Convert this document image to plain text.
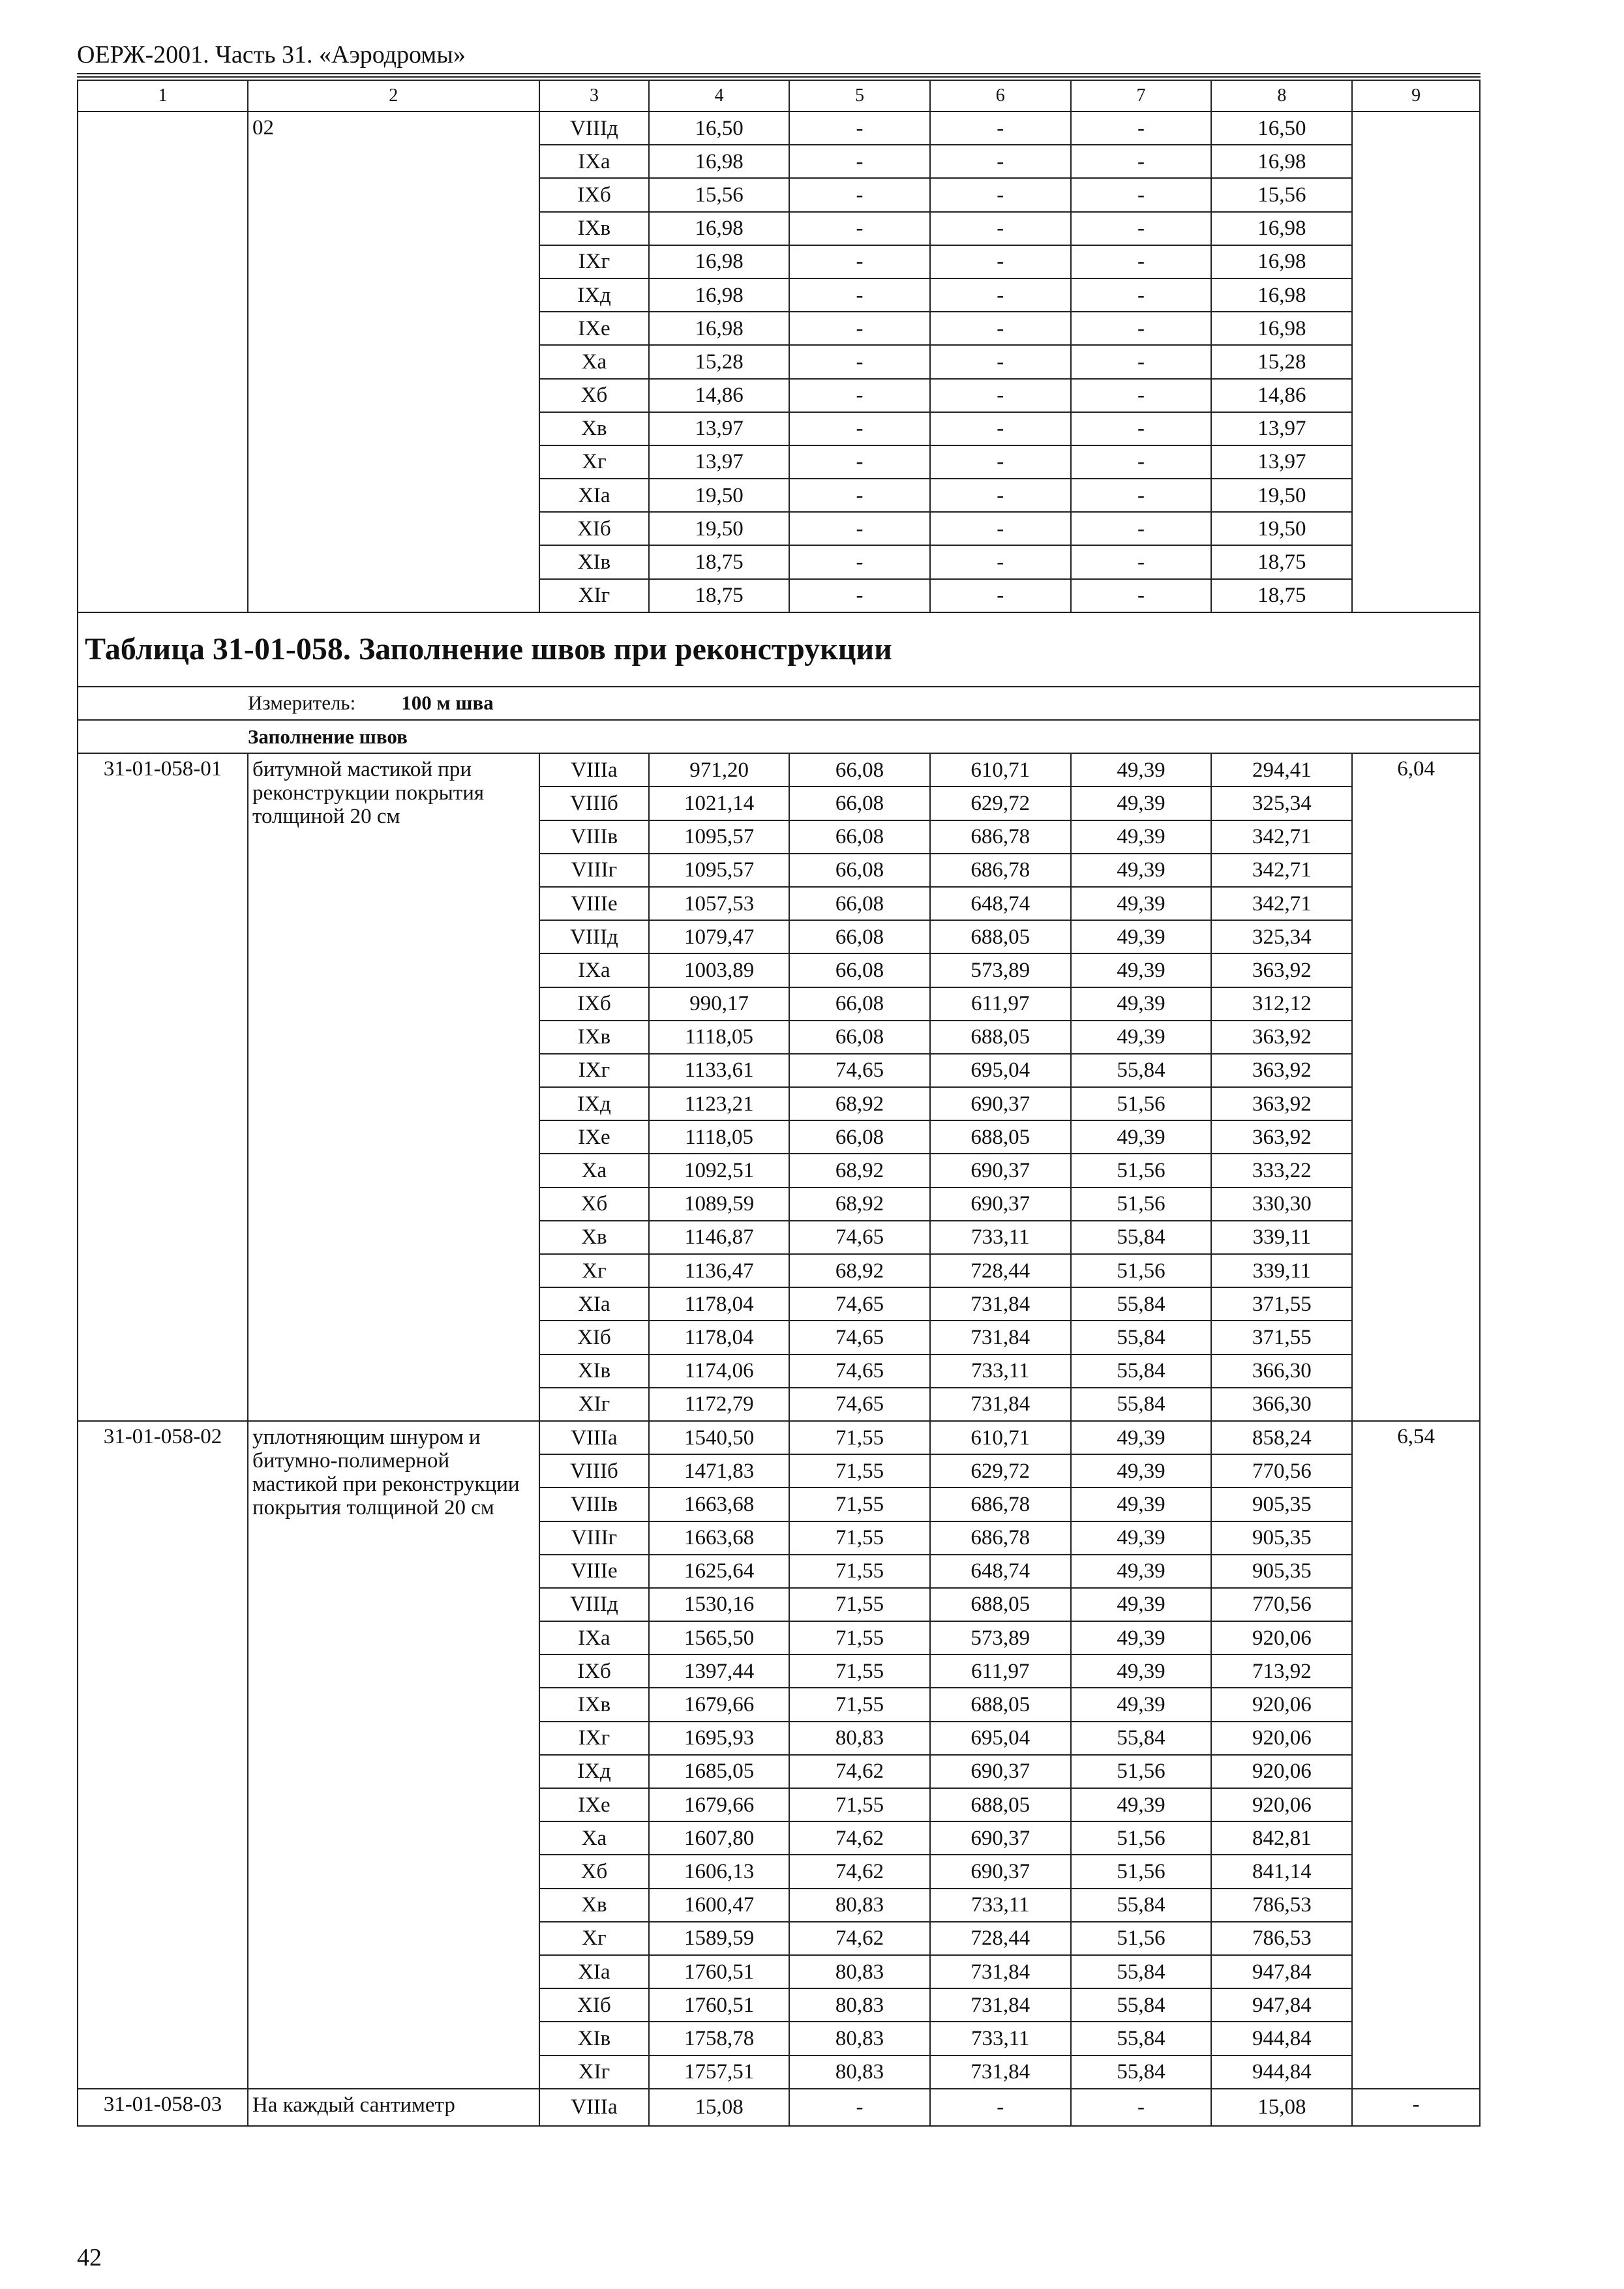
ОЕРЖ-2001. Часть 31. «Аэродромы»
1	2	3	4	5	6	7	8	9
	02	VIIIд	16,50	-	-	-	16,50	
		IXa	16,98	-	-	-	16,98	
		IXб	15,56	-	-	-	15,56	
		IXв	16,98	-	-	-	16,98	
		IXг	16,98	-	-	-	16,98	
		IXд	16,98	-	-	-	16,98	
		IXe	16,98	-	-	-	16,98	
		Xa	15,28	-	-	-	15,28	
		Xб	14,86	-	-	-	14,86	
		Xв	13,97	-	-	-	13,97	
		Xг	13,97	-	-	-	13,97	
		XIa	19,50	-	-	-	19,50	
		XIб	19,50	-	-	-	19,50	
		XIв	18,75	-	-	-	18,75	
		XIг	18,75	-	-	-	18,75	
Таблица 31-01-058. Заполнение швов при реконструкции								
Измеритель: 100 м шва								
Заполнение швов								
31-01-058-01	битумной мастикой при реконструкции покрытия толщиной 20 см	VIIIa	971,20	66,08	610,71	49,39	294,41	6,04
		VIIIб	1021,14	66,08	629,72	49,39	325,34	
		VIIIв	1095,57	66,08	686,78	49,39	342,71	
		VIIIг	1095,57	66,08	686,78	49,39	342,71	
		VIIIe	1057,53	66,08	648,74	49,39	342,71	
		VIIIд	1079,47	66,08	688,05	49,39	325,34	
		IXa	1003,89	66,08	573,89	49,39	363,92	
		IXб	990,17	66,08	611,97	49,39	312,12	
		IXв	1118,05	66,08	688,05	49,39	363,92	
		IXг	1133,61	74,65	695,04	55,84	363,92	
		IXд	1123,21	68,92	690,37	51,56	363,92	
		IXe	1118,05	66,08	688,05	49,39	363,92	
		Xa	1092,51	68,92	690,37	51,56	333,22	
		Xб	1089,59	68,92	690,37	51,56	330,30	
		Xв	1146,87	74,65	733,11	55,84	339,11	
		Xг	1136,47	68,92	728,44	51,56	339,11	
		XIa	1178,04	74,65	731,84	55,84	371,55	
		XIб	1178,04	74,65	731,84	55,84	371,55	
		XIв	1174,06	74,65	733,11	55,84	366,30	
		XIг	1172,79	74,65	731,84	55,84	366,30	
31-01-058-02	уплотняющим шнуром и битумно-полимерной мастикой при реконструкции покрытия толщиной 20 см	VIIIa	1540,50	71,55	610,71	49,39	858,24	6,54
		VIIIб	1471,83	71,55	629,72	49,39	770,56	
		VIIIв	1663,68	71,55	686,78	49,39	905,35	
		VIIIг	1663,68	71,55	686,78	49,39	905,35	
		VIIIe	1625,64	71,55	648,74	49,39	905,35	
		VIIIд	1530,16	71,55	688,05	49,39	770,56	
		IXa	1565,50	71,55	573,89	49,39	920,06	
		IXб	1397,44	71,55	611,97	49,39	713,92	
		IXв	1679,66	71,55	688,05	49,39	920,06	
		IXг	1695,93	80,83	695,04	55,84	920,06	
		IXд	1685,05	74,62	690,37	51,56	920,06	
		IXe	1679,66	71,55	688,05	49,39	920,06	
		Xa	1607,80	74,62	690,37	51,56	842,81	
		Xб	1606,13	74,62	690,37	51,56	841,14	
		Xв	1600,47	80,83	733,11	55,84	786,53	
		Xг	1589,59	74,62	728,44	51,56	786,53	
		XIa	1760,51	80,83	731,84	55,84	947,84	
		XIб	1760,51	80,83	731,84	55,84	947,84	
		XIв	1758,78	80,83	733,11	55,84	944,84	
		XIг	1757,51	80,83	731,84	55,84	944,84	
31-01-058-03	На каждый сантиметр	VIIIa	15,08	-	-	-	15,08	-
42
